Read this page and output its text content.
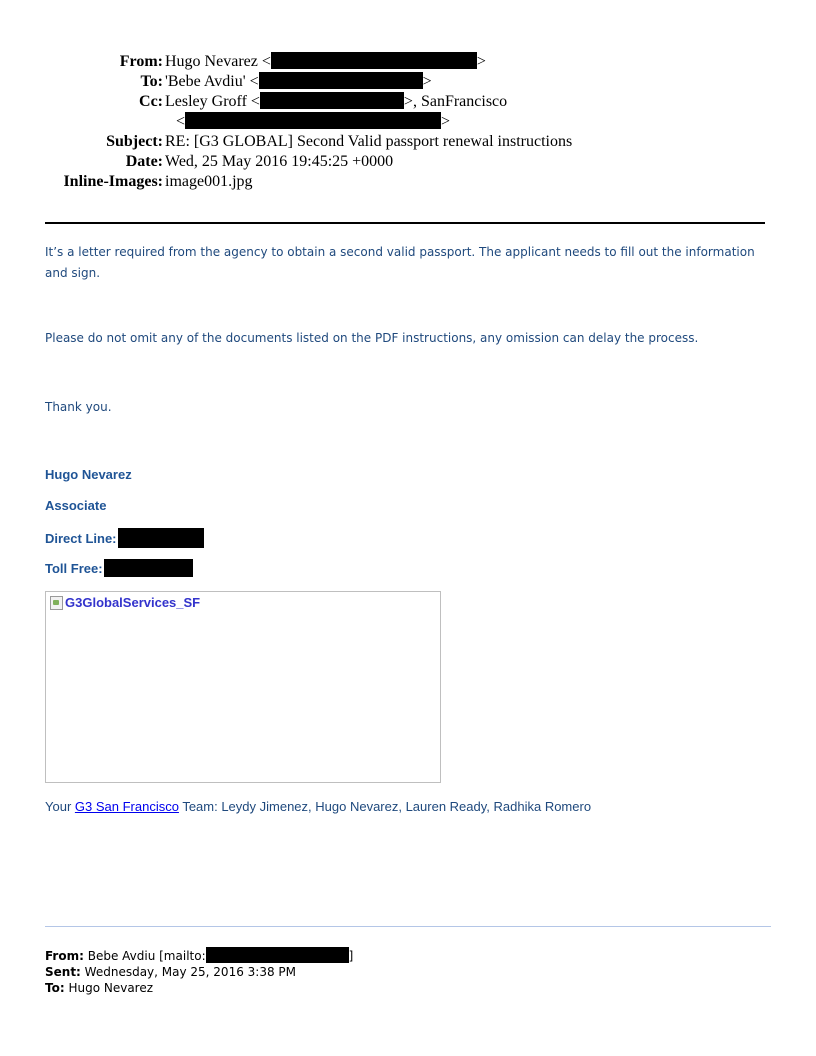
From: Hugo Nevarez <	>
To: 'Bebe Avdiu' <	>
Cc: Lesley Groff <	>, SanFrancisco
<	>
Subject: RE: [G3 GLOBAL] Second Valid passport renewal instructions
Date: Wed, 25 May 2016 19:45:25 +0000
Inline-Images: image001.jpg
It’s a letter required from the agency to obtain a second valid passport. The applicant needs to fill out the information and sign.
Please do not omit any of the documents listed on the PDF instructions, any omission can delay the process.
Thank you.
Hugo Nevarez
Associate
Direct Line:
Toll Free:
G3GlobalServices_SF
Your G3 San Francisco Team: Leydy Jimenez, Hugo Nevarez, Lauren Ready, Radhika Romero
From: Bebe Avdiu [mailto:	]
Sent: Wednesday, May 25, 2016 3:38 PM
To: Hugo Nevarez
